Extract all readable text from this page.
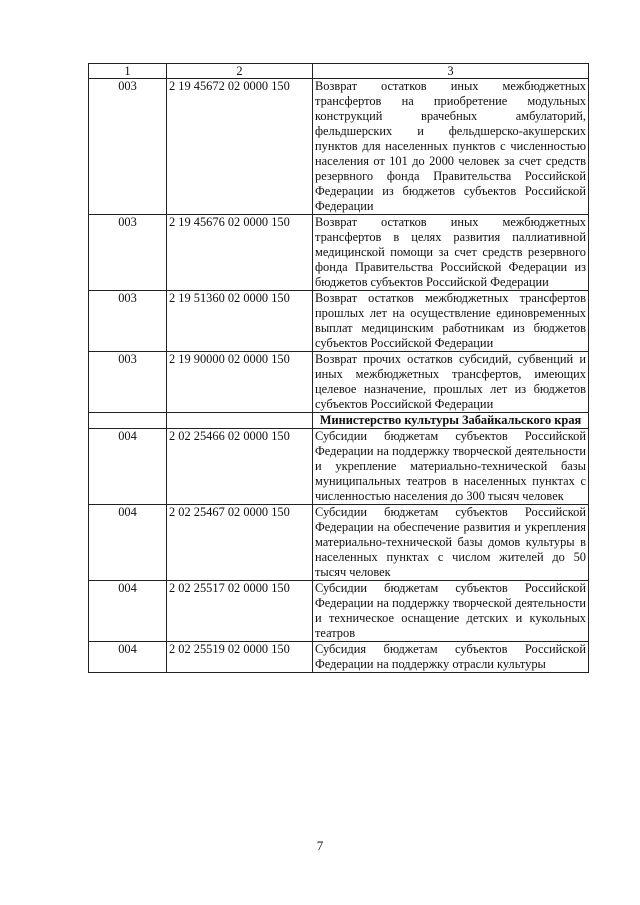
1	2	3
003	2 19 45672 02 0000 150	Возврат остатков иных межбюджетных трансфертов на приобретение модульных конструкций врачебных амбулаторий, фельдшерских и фельдшерско-акушерских пунктов для населенных пунктов с численностью населения от 101 до 2000 человек за счет средств резервного фонда Правительства Российской Федерации из бюджетов субъектов Российской Федерации
003	2 19 45676 02 0000 150	Возврат остатков иных межбюджетных трансфертов в целях развития паллиативной медицинской помощи за счет средств резервного фонда Правительства Российской Федерации из бюджетов субъектов Российской Федерации
003	2 19 51360 02 0000 150	Возврат остатков межбюджетных трансфертов прошлых лет на осуществление единовременных выплат медицинским работникам из бюджетов субъектов Российской Федерации
003	2 19 90000 02 0000 150	Возврат прочих остатков субсидий, субвенций и иных межбюджетных трансфертов, имеющих целевое назначение, прошлых лет из бюджетов субъектов Российской Федерации
		Министерство культуры Забайкальского края
004	2 02 25466 02 0000 150	Субсидии бюджетам субъектов Российской Федерации на поддержку творческой деятельности и укрепление материально-технической базы муниципальных театров в населенных пунктах с численностью населения до 300 тысяч человек
004	2 02 25467 02 0000 150	Субсидии бюджетам субъектов Российской Федерации на обеспечение развития и укрепления материально-технической базы домов культуры в населенных пунктах с числом жителей до 50 тысяч человек
004	2 02 25517 02 0000 150	Субсидии бюджетам субъектов Российской Федерации на поддержку творческой деятельности и техническое оснащение детских и кукольных театров
004	2 02 25519 02 0000 150	Субсидия бюджетам субъектов Российской Федерации на поддержку отрасли культуры
7
